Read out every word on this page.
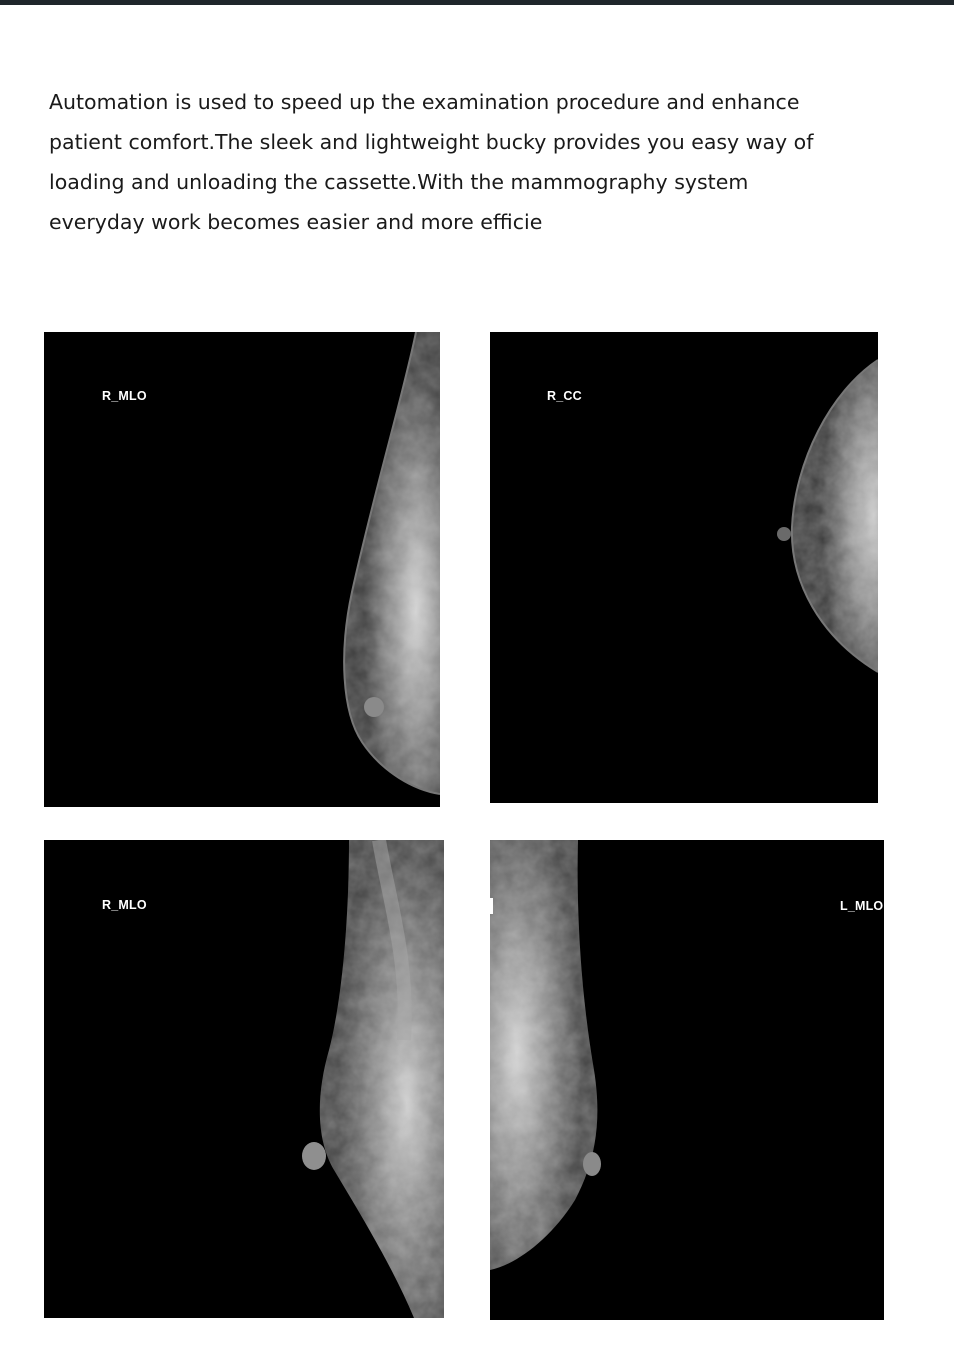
Automation is used to speed up the examination procedure and enhance patient comfort.The sleek and lightweight bucky provides you easy way of loading and unloading the cassette.With the mammography system everyday work becomes easier and more efficie

R_MLO	R_CC
R_MLO	L_MLO
